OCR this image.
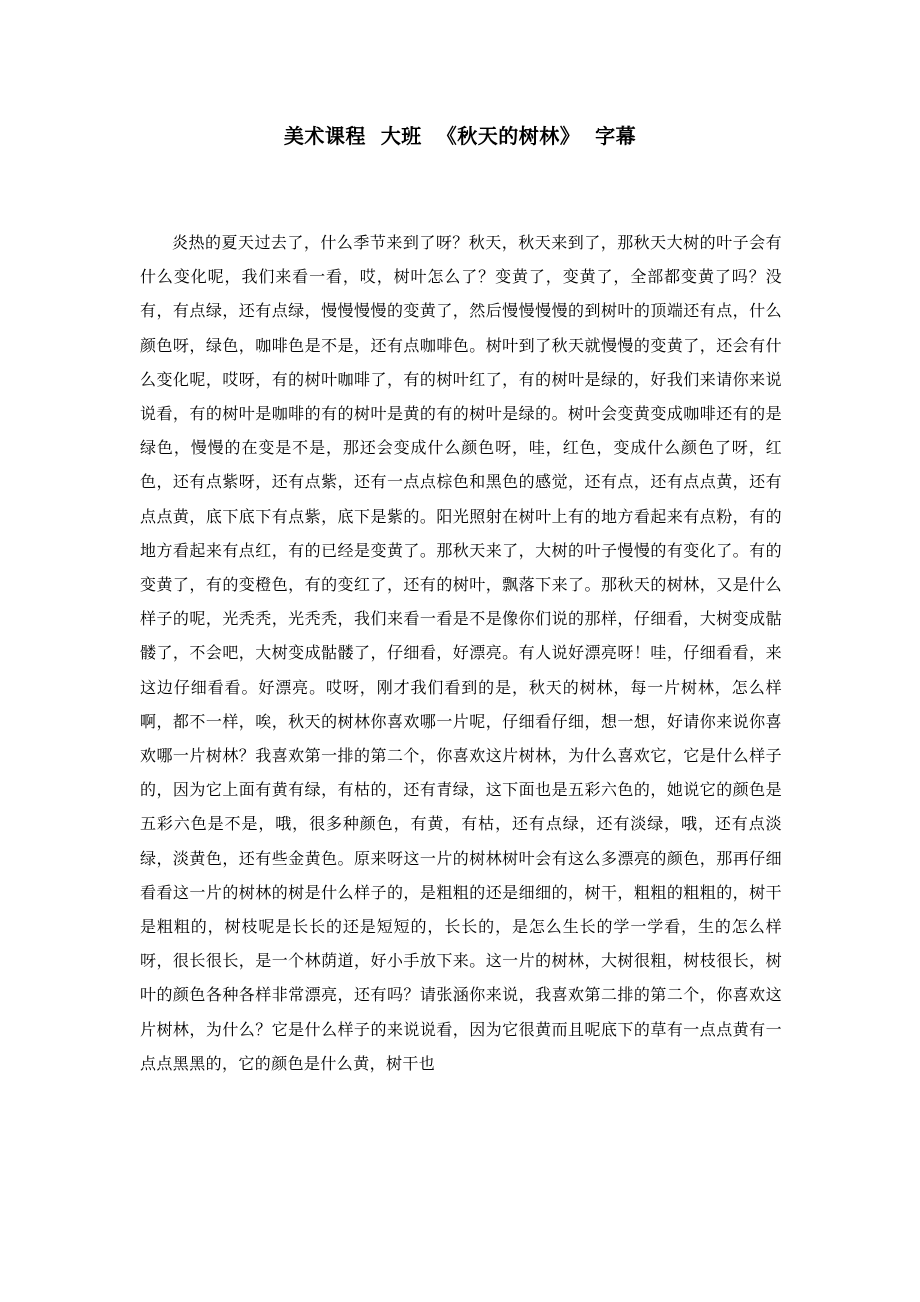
美术课程  大班  《秋天的树林》  字幕

炎热的夏天过去了，什么季节来到了呀？秋天，秋天来到了，那秋天大树的叶子会有什么变化呢，我们来看一看，哎，树叶怎么了？变黄了，变黄了，全部都变黄了吗？没有，有点绿，还有点绿，慢慢慢慢的变黄了，然后慢慢慢慢的到树叶的顶端还有点，什么颜色呀，绿色，咖啡色是不是，还有点咖啡色。树叶到了秋天就慢慢的变黄了，还会有什么变化呢，哎呀，有的树叶咖啡了，有的树叶红了，有的树叶是绿的，好我们来请你来说说看，有的树叶是咖啡的有的树叶是黄的有的树叶是绿的。树叶会变黄变成咖啡还有的是绿色，慢慢的在变是不是，那还会变成什么颜色呀，哇，红色，变成什么颜色了呀，红色，还有点紫呀，还有点紫，还有一点点棕色和黑色的感觉，还有点，还有点点黄，还有点点黄，底下底下有点紫，底下是紫的。阳光照射在树叶上有的地方看起来有点粉，有的地方看起来有点红，有的已经是变黄了。那秋天来了，大树的叶子慢慢的有变化了。有的变黄了，有的变橙色，有的变红了，还有的树叶，飘落下来了。那秋天的树林，又是什么样子的呢，光秃秃，光秃秃，我们来看一看是不是像你们说的那样，仔细看，大树变成骷髅了，不会吧，大树变成骷髅了，仔细看，好漂亮。有人说好漂亮呀！哇，仔细看看，来这边仔细看看。好漂亮。哎呀，刚才我们看到的是，秋天的树林，每一片树林，怎么样啊，都不一样，唉，秋天的树林你喜欢哪一片呢，仔细看仔细，想一想，好请你来说你喜欢哪一片树林？我喜欢第一排的第二个，你喜欢这片树林，为什么喜欢它，它是什么样子的，因为它上面有黄有绿，有枯的，还有青绿，这下面也是五彩六色的，她说它的颜色是五彩六色是不是，哦，很多种颜色，有黄，有枯，还有点绿，还有淡绿，哦，还有点淡绿，淡黄色，还有些金黄色。原来呀这一片的树林树叶会有这么多漂亮的颜色，那再仔细看看这一片的树林的树是什么样子的，是粗粗的还是细细的，树干，粗粗的粗粗的，树干是粗粗的，树枝呢是长长的还是短短的，长长的，是怎么生长的学一学看，生的怎么样呀，很长很长，是一个林荫道，好小手放下来。这一片的树林，大树很粗，树枝很长，树叶的颜色各种各样非常漂亮，还有吗？请张涵你来说，我喜欢第二排的第二个，你喜欢这片树林，为什么？它是什么样子的来说说看，因为它很黄而且呢底下的草有一点点黄有一点点黑黑的，它的颜色是什么黄，树干也
